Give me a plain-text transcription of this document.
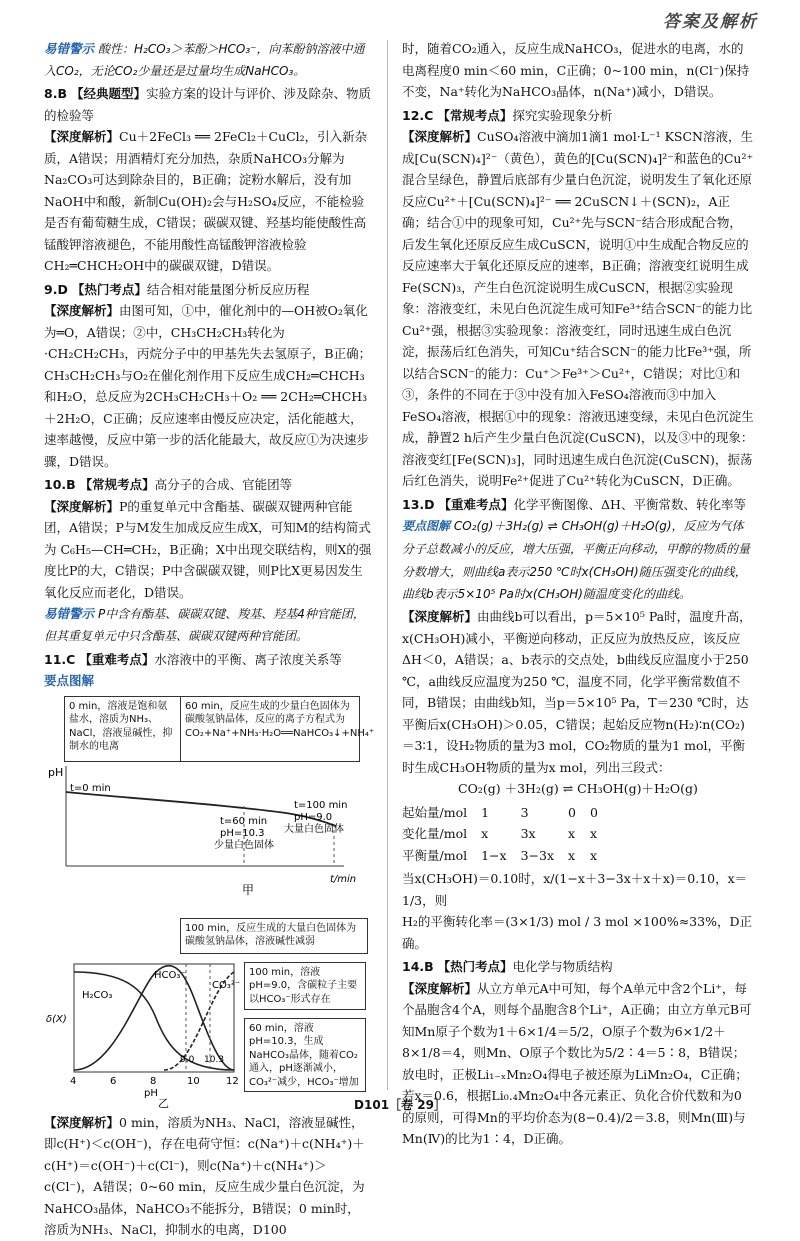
答案及解析

易错警示 酸性：H₂CO₃＞苯酚＞HCO₃⁻，向苯酚钠溶液中通入CO₂，无论CO₂少量还是过量均生成NaHCO₃。

8.B 【经典题型】实验方案的设计与评价、涉及除杂、物质的检验等

【深度解析】Cu＋2FeCl₃ ══ 2FeCl₂＋CuCl₂，引入新杂质，A错误；用酒精灯充分加热，杂质NaHCO₃分解为Na₂CO₃可达到除杂目的，B正确；淀粉水解后，没有加NaOH中和酸，新制Cu(OH)₂会与H₂SO₄反应，不能检验是否有葡萄糖生成，C错误；碳碳双键、羟基均能使酸性高锰酸钾溶液褪色，不能用酸性高锰酸钾溶液检验CH₂═CHCH₂OH中的碳碳双键，D错误。

9.D 【热门考点】结合相对能量图分析反应历程

【深度解析】由图可知，①中，催化剂中的—OH被O₂氧化为═O，A错误；②中，CH₃CH₂CH₃转化为·CH₂CH₂CH₃，丙烷分子中的甲基先失去氢原子，B正确；CH₃CH₂CH₃与O₂在催化剂作用下反应生成CH₂═CHCH₃和H₂O，总反应为2CH₃CH₂CH₃＋O₂ ══ 2CH₂═CHCH₃＋2H₂O，C正确；反应速率由慢反应决定，活化能越大，速率越慢，反应中第一步的活化能最大，故反应①为决速步骤，D错误。

10.B 【常规考点】高分子的合成、官能团等

【深度解析】P的重复单元中含酯基、碳碳双键两种官能团，A错误；P与M发生加成反应生成X，可知M的结构简式为 C₆H₅—CH═CH₂，B正确；X中出现交联结构，则X的强度比P的大，C错误；P中含碳碳双键，则P比X更易因发生氧化反应而老化，D错误。

易错警示 P中含有酯基、碳碳双键、羧基、羟基4种官能团，但其重复单元中只含酯基、碳碳双键两种官能团。

11.C 【重难考点】水溶液中的平衡、离子浓度关系等

要点图解

0 min，溶液是饱和氨盐水，溶质为NH₃、NaCl，溶液显碱性，抑制水的电离
60 min，反应生成的少量白色固体为碳酸氢钠晶体，反应的离子方程式为CO₂+Na⁺+NH₃·H₂O══NaHCO₃↓+NH₄⁺
pH
t=0 min
t=60 min
pH=10.3
少量白色固体
t=100 min
pH=9.0
大量白色固体
t/min
甲
100 min，反应生成的大量白色固体为碳酸氢钠晶体，溶液碱性减弱
H₂CO₃
HCO₃⁻
CO₃²⁻
δ(X)
9.0 10.3
4	6	8	10	12
pH
乙
100 min，溶液pH=9.0，含碳粒子主要以HCO₃⁻形式存在
60 min，溶液pH=10.3，生成NaHCO₃晶体，随着CO₂通入，pH逐渐减小，CO₃²⁻减少，HCO₃⁻增加

【深度解析】0 min，溶质为NH₃、NaCl，溶液显碱性，即c(H⁺)＜c(OH⁻)，存在电荷守恒：c(Na⁺)＋c(NH₄⁺)＋c(H⁺)＝c(OH⁻)＋c(Cl⁻)，则c(Na⁺)＋c(NH₄⁺)＞c(Cl⁻)，A错误；0~60 min，反应生成少量白色沉淀，为NaHCO₃晶体，NaHCO₃不能拆分，B错误；0 min时，溶质为NH₃、NaCl，抑制水的电离，D100

时，随着CO₂通入，反应生成NaHCO₃，促进水的电离，水的电离程度0 min＜60 min，C正确；0~100 min，n(Cl⁻)保持不变，Na⁺转化为NaHCO₃晶体，n(Na⁺)减小，D错误。

12.C 【常规考点】探究实验现象分析

【深度解析】CuSO₄溶液中滴加1滴1 mol·L⁻¹ KSCN溶液，生成[Cu(SCN)₄]²⁻（黄色），黄色的[Cu(SCN)₄]²⁻和蓝色的Cu²⁺混合呈绿色，静置后底部有少量白色沉淀，说明发生了氧化还原反应Cu²⁺＋[Cu(SCN)₄]²⁻ ══ 2CuSCN↓＋(SCN)₂，A正确；结合①中的现象可知，Cu²⁺先与SCN⁻结合形成配合物，后发生氧化还原反应生成CuSCN，说明①中生成配合物反应的反应速率大于氧化还原反应的速率，B正确；溶液变红说明生成Fe(SCN)₃，产生白色沉淀说明生成CuSCN，根据②实验现象：溶液变红，未见白色沉淀生成可知Fe³⁺结合SCN⁻的能力比Cu²⁺强，根据③实验现象：溶液变红，同时迅速生成白色沉淀，振荡后红色消失，可知Cu⁺结合SCN⁻的能力比Fe³⁺强，所以结合SCN⁻的能力：Cu⁺＞Fe³⁺＞Cu²⁺，C错误；对比①和③，条件的不同在于③中没有加入FeSO₄溶液而③中加入FeSO₄溶液，根据①中的现象：溶液迅速变绿，未见白色沉淀生成，静置2 h后产生少量白色沉淀(CuSCN)，以及③中的现象：溶液变红[Fe(SCN)₃]，同时迅速生成白色沉淀(CuSCN)，振荡后红色消失，说明Fe²⁺促进了Cu²⁺转化为CuSCN，D正确。

13.D 【重难考点】化学平衡图像、ΔH、平衡常数、转化率等

要点图解 CO₂(g)＋3H₂(g) ⇌ CH₃OH(g)＋H₂O(g)，反应为气体分子总数减小的反应，增大压强，平衡正向移动，甲醇的物质的量分数增大，则曲线a表示250 ℃时x(CH₃OH)随压强变化的曲线，曲线b表示5×10⁵ Pa时x(CH₃OH)随温度变化的曲线。

【深度解析】由曲线b可以看出，p＝5×10⁵ Pa时，温度升高，x(CH₃OH)减小，平衡逆向移动，正反应为放热反应，该反应ΔH＜0，A错误；a、b表示的交点处，b曲线反应温度小于250 ℃，a曲线反应温度为250 ℃，温度不同，化学平衡常数值不同，B错误；由曲线b知，当p＝5×10⁵ Pa，T＝230 ℃时，达平衡后x(CH₃OH)＞0.05，C错误；起始反应物n(H₂)∶n(CO₂)＝3∶1，设H₂物质的量为3 mol，CO₂物质的量为1 mol，平衡时生成CH₃OH物质的量为x mol，列出三段式：

CO₂(g) ＋3H₂(g) ⇌ CH₃OH(g)＋H₂O(g)

起始量/mol	1	3	0	0
变化量/mol	x	3x	x	x
平衡量/mol	1−x	3−3x	x	x

当x(CH₃OH)＝0.10时，x/(1−x＋3−3x＋x＋x)＝0.10，x＝1/3，则

H₂的平衡转化率＝(3×1/3) mol / 3 mol ×100%≈33%，D正确。

14.B 【热门考点】电化学与物质结构

【深度解析】从立方单元A中可知，每个A单元中含2个Li⁺，每个晶胞含4个A，则每个晶胞含8个Li⁺，A正确；由立方单元B可知Mn原子个数为1＋6×1/4＝5/2，O原子个数为6×1/2＋8×1/8＝4，则Mn、O原子个数比为5/2∶4＝5∶8，B错误；放电时，正极Li₁₋ₓMn₂O₄得电子被还原为LiMn₂O₄，C正确；若x＝0.6，根据Li₀.₄Mn₂O₄中各元素正、负化合价代数和为0的原则，可得Mn的平均价态为(8−0.4)/2＝3.8，则Mn(Ⅲ)与Mn(Ⅳ)的比为1∶4，D正确。

D101［卷 29］
